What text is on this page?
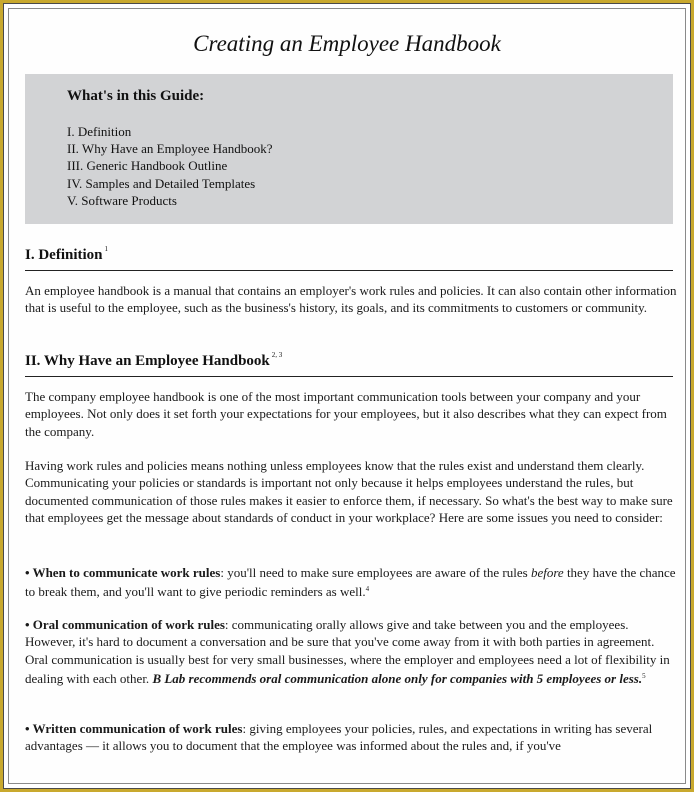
Creating an Employee Handbook
What's in this Guide:
I. Definition
II. Why Have an Employee Handbook?
III. Generic Handbook Outline
IV. Samples and Detailed Templates
V. Software Products
I. Definition $^1$

An employee handbook is a manual that contains an employer's work rules and policies. It can also contain other information that is useful to the employee, such as the business's history, its goals, and its commitments to customers or community.

II. Why Have an Employee Handbook $^{2, 3}$

The company employee handbook is one of the most important communication tools between your company and your employees. Not only does it set forth your expectations for your employees, but it also describes what they can expect from the company.

Having work rules and policies means nothing unless employees know that the rules exist and understand them clearly. Communicating your policies or standards is important not only because it helps employees understand the rules, but documented communication of those rules makes it easier to enforce them, if necessary. So what's the best way to make sure that employees get the message about standards of conduct in your workplace? Here are some issues you need to consider:

• When to communicate work rules: you'll need to make sure employees are aware of the rules before they have the chance to break them, and you'll want to give periodic reminders as well.$^4$

• Oral communication of work rules: communicating orally allows give and take between you and the employees. However, it's hard to document a conversation and be sure that you've come away from it with both parties in agreement. Oral communication is usually best for very small businesses, where the employer and employees need a lot of flexibility in dealing with each other. B Lab recommends oral communication alone only for companies with 5 employees or less.$^5$

• Written communication of work rules: giving employees your policies, rules, and expectations in writing has several advantages — it allows you to document that the employee was informed about the rules and, if you've
